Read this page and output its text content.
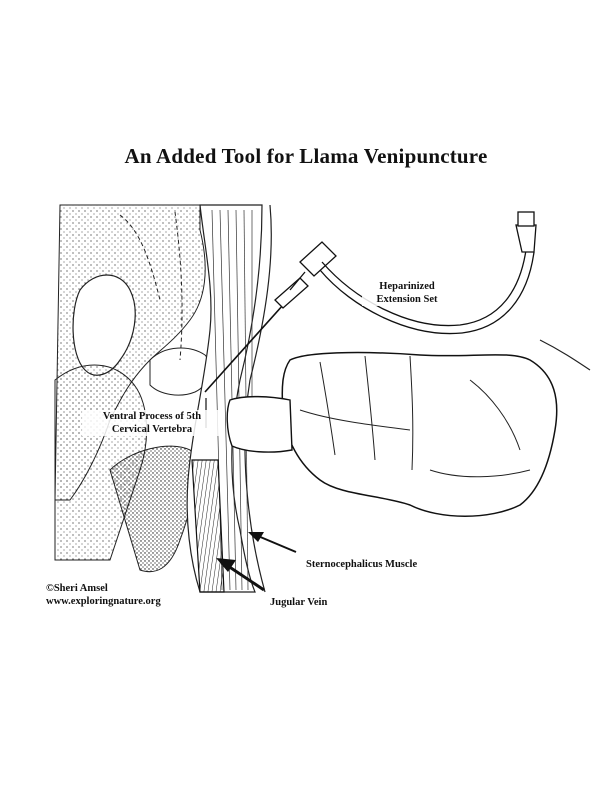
An Added Tool for Llama Venipuncture
Heparinized
Extension Set
Ventral Process of 5th
Cervical Vertebra
Sternocephalicus Muscle
Jugular Vein
©Sheri Amsel
www.exploringnature.org
